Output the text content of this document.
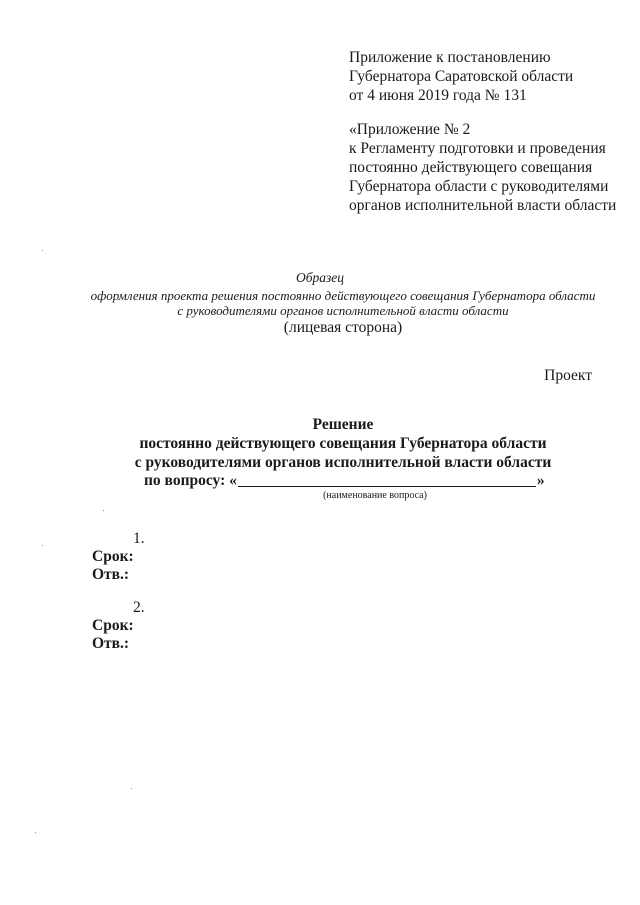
Приложение к постановлению
Губернатора Саратовской области
от 4 июня 2019 года № 131
«Приложение № 2
к Регламенту подготовки и проведения
постоянно действующего совещания
Губернатора области с руководителями
органов исполнительной власти области
Образец
оформления проекта решения постоянно действующего совещания Губернатора области
с руководителями органов исполнительной власти области
(лицевая сторона)
Проект
Решение
постоянно действующего совещания Губернатора области
с руководителями органов исполнительной власти области
по вопросу: «	»
(наименование вопроса)
1.
Срок:
Отв.:
2.
Срок:
Отв.:
